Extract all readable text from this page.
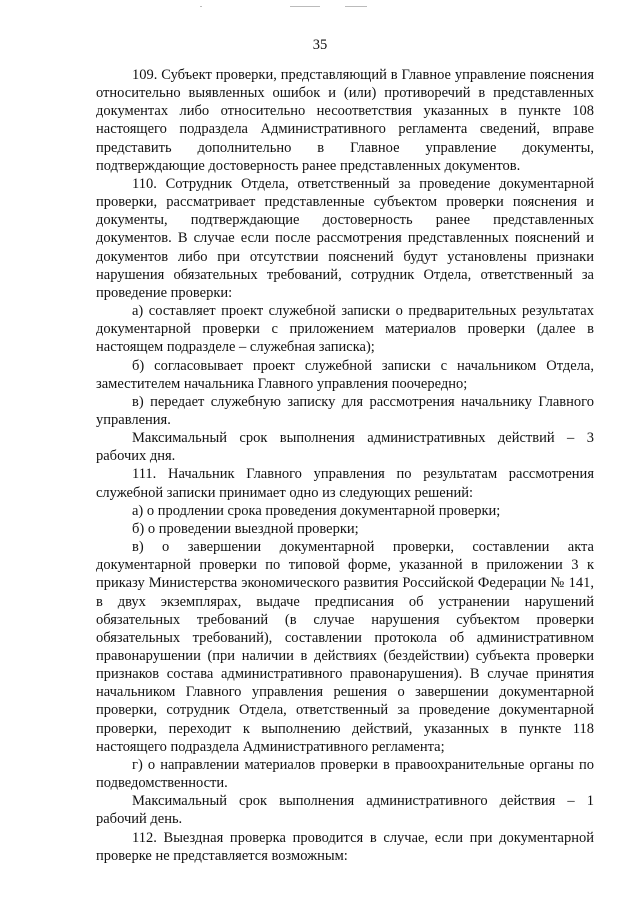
35

109. Субъект проверки, представляющий в Главное управление пояснения относительно выявленных ошибок и (или) противоречий в представленных документах либо относительно несоответствия указанных в пункте 108 настоящего подраздела Административного регламента сведений, вправе представить дополнительно в Главное управление документы, подтверждающие достоверность ранее представленных документов.

110. Сотрудник Отдела, ответственный за проведение документарной проверки, рассматривает представленные субъектом проверки пояснения и документы, подтверждающие достоверность ранее представленных документов. В случае если после рассмотрения представленных пояснений и документов либо при отсутствии пояснений будут установлены признаки нарушения обязательных требований, сотрудник Отдела, ответственный за проведение проверки:

а) составляет проект служебной записки о предварительных результатах документарной проверки с приложением материалов проверки (далее в настоящем подразделе – служебная записка);

б) согласовывает проект служебной записки с начальником Отдела, заместителем начальника Главного управления поочередно;

в) передает служебную записку для рассмотрения начальнику Главного управления.

Максимальный срок выполнения административных действий – 3 рабочих дня.

111. Начальник Главного управления по результатам рассмотрения служебной записки принимает одно из следующих решений:

а) о продлении срока проведения документарной проверки;

б) о проведении выездной проверки;

в) о завершении документарной проверки, составлении акта документарной проверки по типовой форме, указанной в приложении 3 к приказу Министерства экономического развития Российской Федерации № 141, в двух экземплярах, выдаче предписания об устранении нарушений обязательных требований (в случае нарушения субъектом проверки обязательных требований), составлении протокола об административном правонарушении (при наличии в действиях (бездействии) субъекта проверки признаков состава административного правонарушения). В случае принятия начальником Главного управления решения о завершении документарной проверки, сотрудник Отдела, ответственный за проведение документарной проверки, переходит к выполнению действий, указанных в пункте 118 настоящего подраздела Административного регламента;

г) о направлении материалов проверки в правоохранительные органы по подведомственности.

Максимальный срок выполнения административного действия – 1 рабочий день.

112. Выездная проверка проводится в случае, если при документарной проверке не представляется возможным:
